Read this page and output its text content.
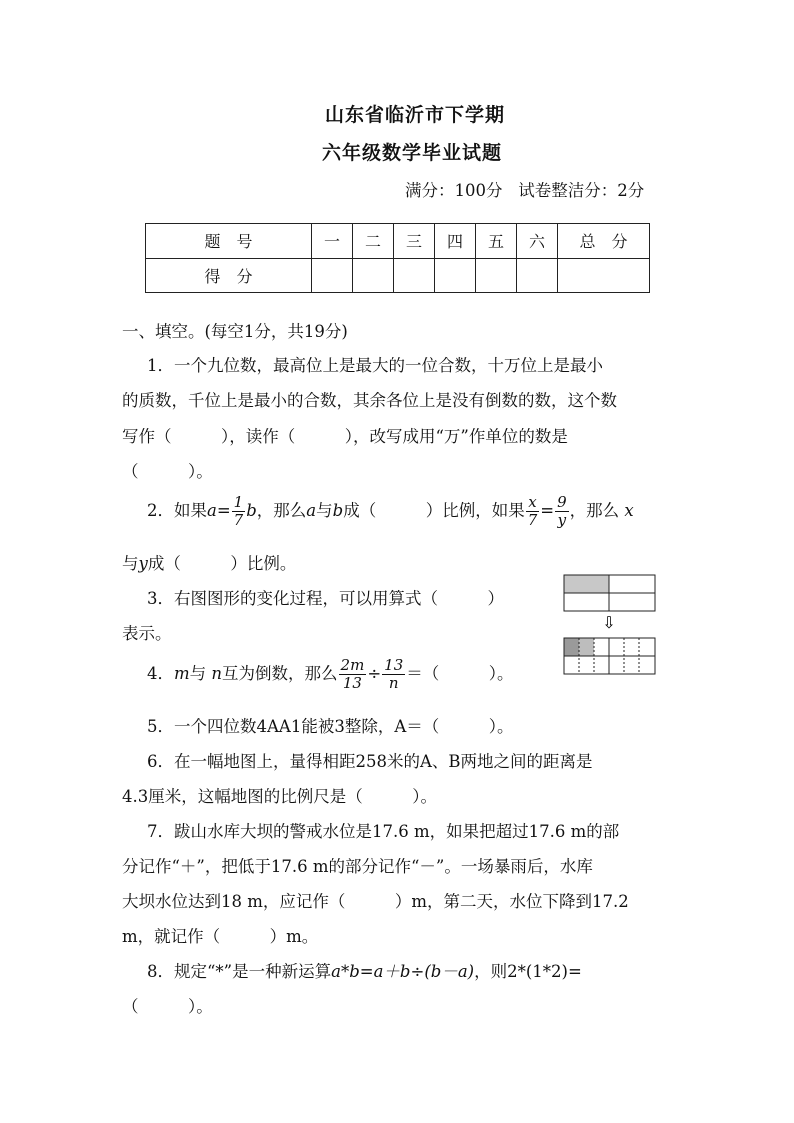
山东省临沂市下学期
六年级数学毕业试题
满分：100分   试卷整洁分：2分
题　号	一	二	三	四	五	六	总　分
得　分							
一、填空。(每空1分，共19分)
1．一个九位数，最高位上是最大的一位合数，十万位上是最小
的质数，千位上是最小的合数，其余各位上是没有倒数的数，这个数
写作（　　　），读作（　　　），改写成用“万”作单位的数是
（　　　）。
2．如果$a= \frac{1}{7}$ b，那么a与b成（　　　）比例，如果 $\frac{x}{7} = \frac{9}{y}$ ，那么 x
与y成（　　　）比例。
3．右图图形的变化过程，可以用算式（　　　）
表示。
⇩
4．m与 n互为倒数，那么 $\frac{2m}{13} \div \frac{13}{n}$ ＝（　　　）。
5．一个四位数4AA1能被3整除，A＝（　　　）。
6．在一幅地图上，量得相距258米的A、B两地之间的距离是
4.3厘米，这幅地图的比例尺是（　　　）。
7．跋山水库大坝的警戒水位是17.6 m，如果把超过17.6 m的部
分记作“＋”，把低于17.6 m的部分记作“－”。一场暴雨后，水库
大坝水位达到18 m，应记作（　　　）m，第二天，水位下降到17.2
m，就记作（　　　）m。
8．规定“*”是一种新运算a*b=a＋b÷(b－a)，则2*(1*2)=
（　　　）。
